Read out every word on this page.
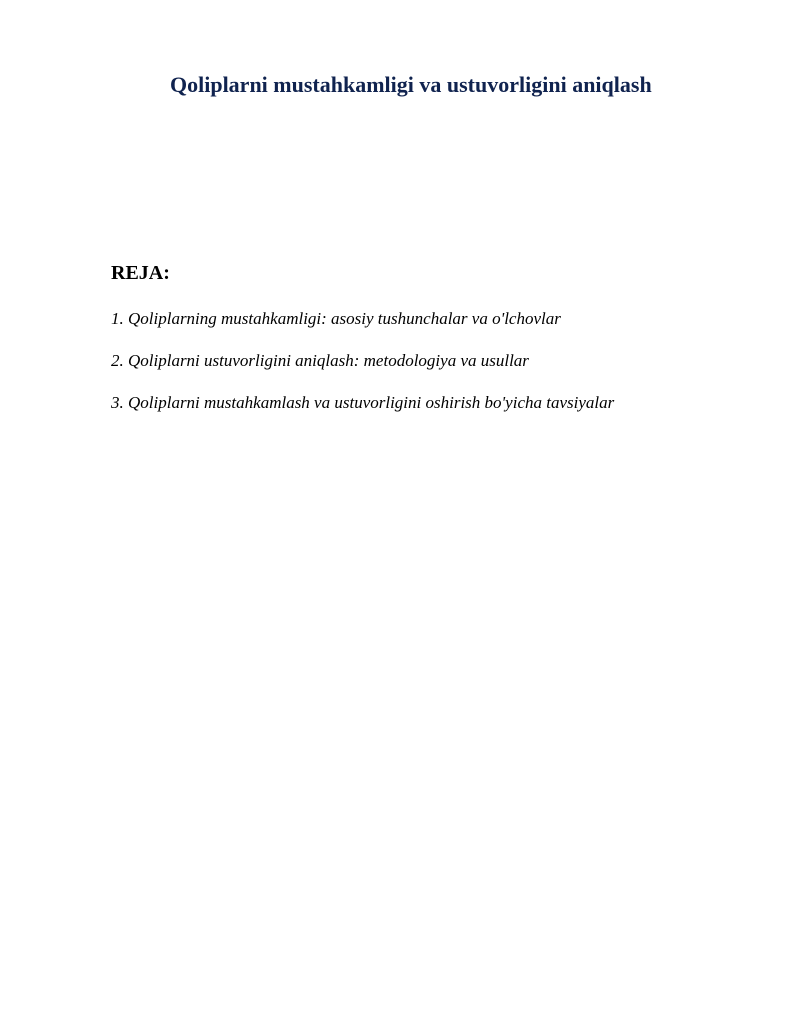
Qoliplarni mustahkamligi va ustuvorligini aniqlash
REJA:
1. Qoliplarning mustahkamligi: asosiy tushunchalar va o'lchovlar
2. Qoliplarni ustuvorligini aniqlash: metodologiya va usullar
3. Qoliplarni mustahkamlash va ustuvorligini oshirish bo'yicha tavsiyalar
